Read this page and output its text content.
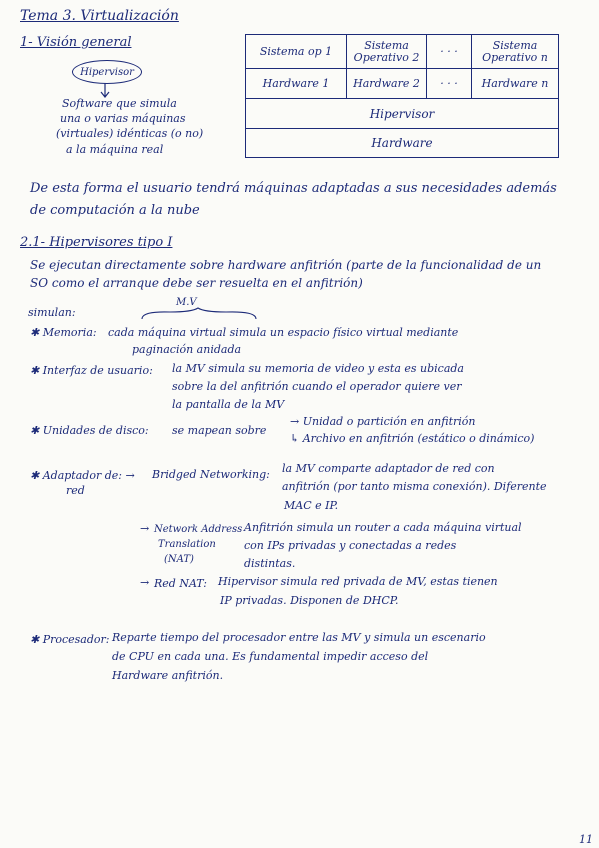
Tema 3. Virtualización
1- Visión general
Hipervisor
Software que simula
una o varias máquinas
(virtuales) idénticas (o no)
a la máquina real
Sistema op 1	Sistema Operativo 2	· · ·	Sistema Operativo n
Hardware 1	Hardware 2	· · ·	Hardware n
Hipervisor
Hardware
De esta forma el usuario tendrá máquinas adaptadas a sus necesidades además
de computación a la nube
2.1- Hipervisores tipo I
Se ejecutan directamente sobre hardware anfitrión (parte de la funcionalidad de un
SO como el arranque debe ser resuelta en el anfitrión)
M.V
simulan:
✱ Memoria: cada máquina virtual simula un espacio físico virtual mediante
paginación anidada
✱ Interfaz de usuario: la MV simula su memoria de video y esta es ubicada
sobre la del anfitrión cuando el operador quiere ver
la pantalla de la MV
✱ Unidades de disco: se mapean sobre
→ Unidad o partición en anfitrión
↳ Archivo en anfitrión (estático o dinámico)
✱ Adaptador de: →
red
Bridged Networking: la MV comparte adaptador de red con
anfitrión (por tanto misma conexión). Diferente
MAC e IP.
→ Network Address
Translation
(NAT)
Anfitrión simula un router a cada máquina virtual
con IPs privadas y conectadas a redes
distintas.
→ Red NAT: Hipervisor simula red privada de MV, estas tienen
IP privadas. Disponen de DHCP.
✱ Procesador: Reparte tiempo del procesador entre las MV y simula un escenario
de CPU en cada una. Es fundamental impedir acceso del
Hardware anfitrión.
11
